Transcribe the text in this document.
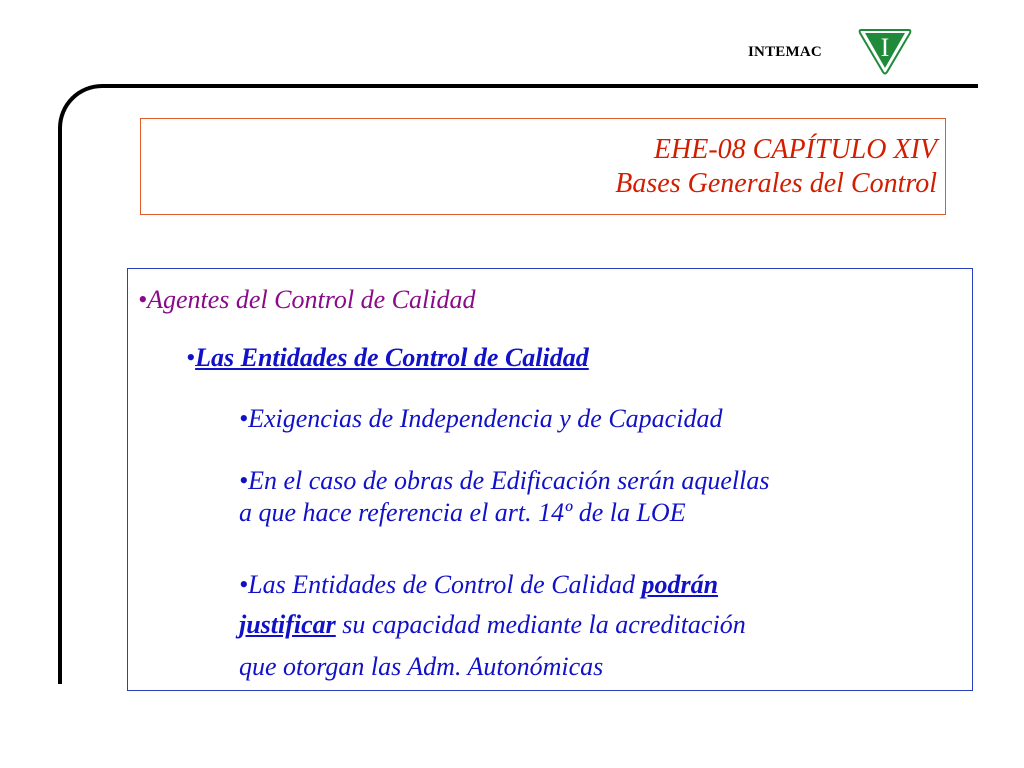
INTEMAC I
EHE-08 CAPÍTULO XIV
Bases Generales del Control
•Agentes del Control de Calidad
•Las Entidades de Control de Calidad
•Exigencias de Independencia y de Capacidad
•En el caso de obras de Edificación serán aquellas
a que hace referencia el art. 14º de la LOE
•Las Entidades de Control de Calidad podrán
justificar su capacidad mediante la acreditación
que otorgan las Adm. Autonómicas
